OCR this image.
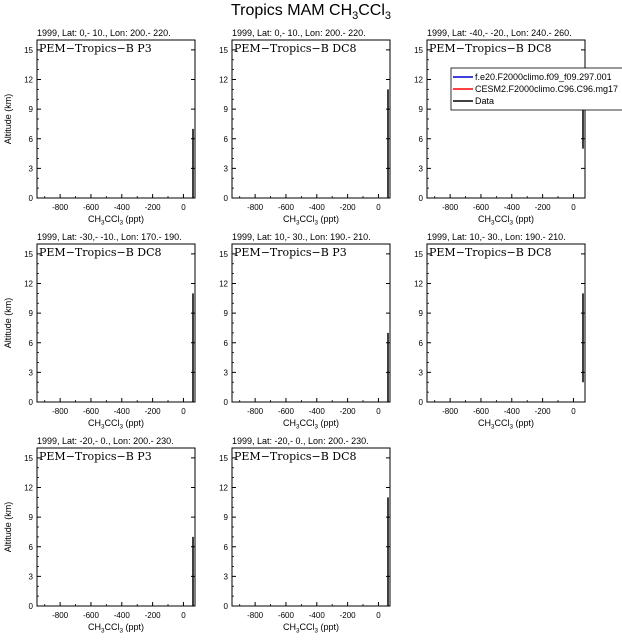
Tropics MAM $CH_3CCl_3$
1999, Lat: 0,- 10., Lon: 200.- 220.
PEM−Tropics−B P3
-800 -600 -400 -200	0
0
3
6
9
12
15
$CH_3CCl_3$ (ppt)
Altitude (km)
1999, Lat: 0,- 10., Lon: 200.- 220.
PEM−Tropics−B DC8
-800 -600 -400 -200	0
0
3
6
9
12
15
$CH_3CCl_3$ (ppt)
1999, Lat: -40,- -20., Lon: 240.- 260.
PEM−Tropics−B DC8
-800 -600 -400 -200	0
0
3
6
9
12
15
$CH_3CCl_3$ (ppt)
f.e20.F2000climo.f09_f09.297.001
CESM2.F2000climo.C96.C96.mg17
Data
1999, Lat: -30,- -10., Lon: 170.- 190.
PEM−Tropics−B DC8
-800 -600 -400 -200	0
0
3
6
9
12
15
$CH_3CCl_3$ (ppt)
Altitude (km)
1999, Lat: 10,- 30., Lon: 190.- 210.
PEM−Tropics−B P3
-800 -600 -400 -200	0
0
3
6
9
12
15
$CH_3CCl_3$ (ppt)
1999, Lat: 10,- 30., Lon: 190.- 210.
PEM−Tropics−B DC8
-800 -600 -400 -200	0
0
3
6
9
12
15
$CH_3CCl_3$ (ppt)
1999, Lat: -20,- 0., Lon: 200.- 230.
PEM−Tropics−B P3
-800 -600 -400 -200	0
0
3
6
9
12
15
$CH_3CCl_3$ (ppt)
Altitude (km)
1999, Lat: -20,- 0., Lon: 200.- 230.
PEM−Tropics−B DC8
-800 -600 -400 -200	0
0
3
6
9
12
15
$CH_3CCl_3$ (ppt)
